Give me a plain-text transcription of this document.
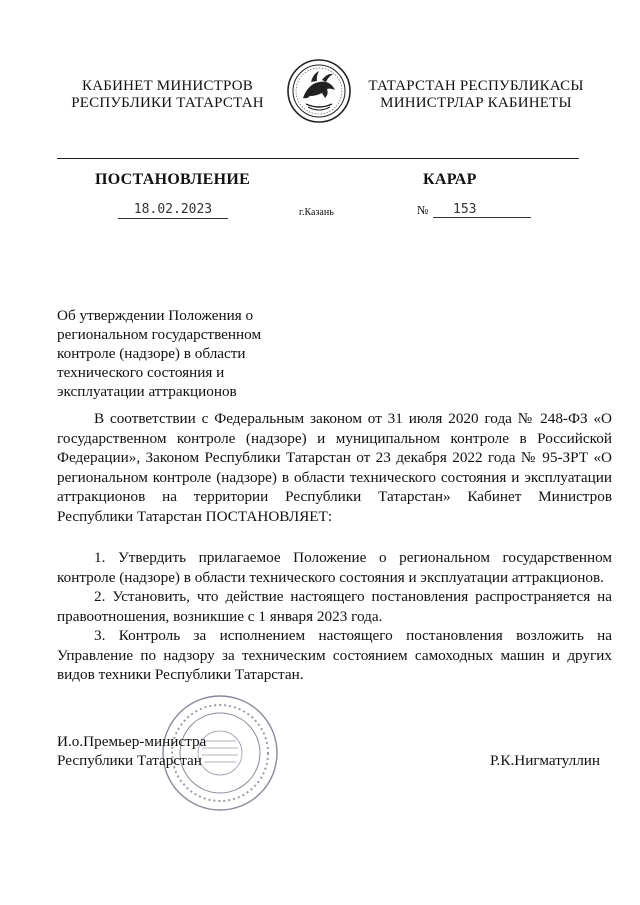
КАБИНЕТ МИНИСТРОВ
РЕСПУБЛИКИ ТАТАРСТАН
ТАТАРСТАН РЕСПУБЛИКАСЫ
МИНИСТРЛАР КАБИНЕТЫ
ПОСТАНОВЛЕНИЕ	КАРАР
18.02.2023	г.Казань	№	153
Об утверждении Положения о региональном государственном контроле (надзоре) в области технического состояния и эксплуатации аттракционов

В соответствии с Федеральным законом от 31 июля 2020 года № 248-ФЗ «О государственном контроле (надзоре) и муниципальном контроле в Российской Федерации», Законом Республики Татарстан от 23 декабря 2022 года № 95-ЗРТ «О региональном контроле (надзоре) в области технического состояния и эксплуатации аттракционов на территории Республики Татарстан» Кабинет Министров Республики Татарстан ПОСТАНОВЛЯЕТ:

1. Утвердить прилагаемое Положение о региональном государственном контроле (надзоре) в области технического состояния и эксплуатации аттракционов.

2. Установить, что действие настоящего постановления распространяется на правоотношения, возникшие с 1 января 2023 года.

3. Контроль за исполнением настоящего постановления возложить на Управление по надзору за техническим состоянием самоходных машин и других видов техники Республики Татарстан.

И.о.Премьер-министра
Республики Татарстан	Р.К.Нигматуллин
